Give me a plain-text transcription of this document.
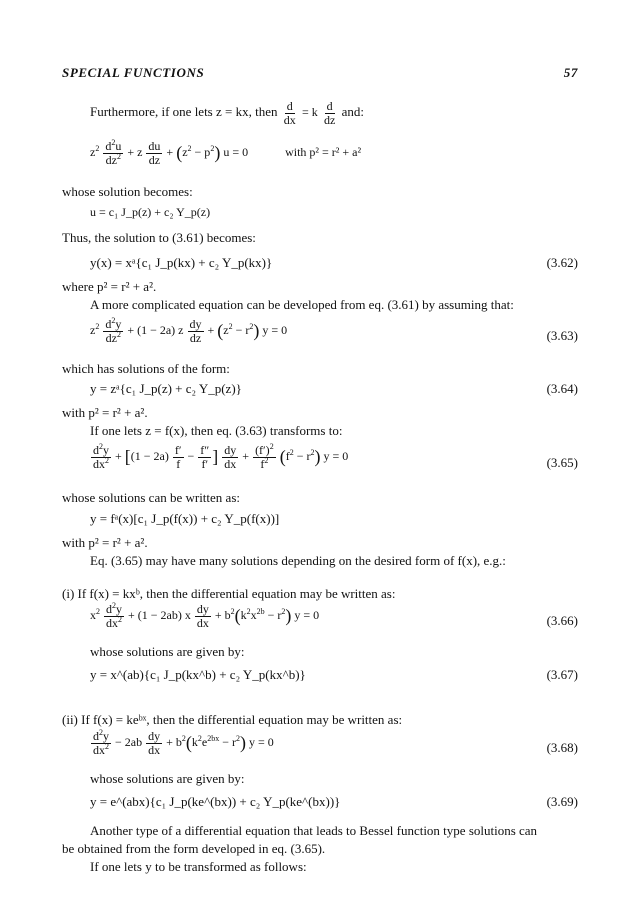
SPECIAL FUNCTIONS	57
Furthermore, if one lets z = kx, then $\frac{d}{dx} = k \frac{d}{dz}$ and:
$z^2 \frac{d^2u}{dz^2} + z \frac{du}{dz} + (z^2 - p^2) u = 0$	with p² = r² + a²
whose solution becomes:
u = c₁ J_p(z) + c₂ Y_p(z)
Thus, the solution to (3.61) becomes:
y(x) = xᵃ{c₁ J_p(kx) + c₂ Y_p(kx)}	(3.62)
where p² = r² + a².
A more complicated equation can be developed from eq. (3.61) by assuming that:
$z^2 \frac{d^2y}{dz^2} + (1 - 2a)$ z $\frac{dy}{dz} + (z^2 - r^2) y = 0$	(3.63)
which has solutions of the form:
y = zᵃ{c₁ J_p(z) + c₂ Y_p(z)}	(3.64)
with p² = r² + a².
If one lets z = f(x), then eq. (3.63) transforms to:
$\frac{d^2y}{dx^2} + [(1 - 2a) \frac{f'}{f} - \frac{f''}{f'}$ ] $\frac{dy}{dx} + \frac{(f')^2}{f^2} (f^2 - r^2) y = 0$	(3.65)
whose solutions can be written as:
y = fᵃ(x)[c₁ J_p(f(x)) + c₂ Y_p(f(x))]
with p² = r² + a².
Eq. (3.65) may have many solutions depending on the desired form of f(x), e.g.:
(i) If f(x) = kxᵇ, then the differential equation may be written as:
$x^2 \frac{d^2y}{dx^2} + (1 - 2ab)$ x $\frac{dy}{dx} + b^2(k^2x^{2b} - r^2) y = 0$	(3.66)
whose solutions are given by:
y = x^(ab){c₁ J_p(kx^b) + c₂ Y_p(kx^b)}	(3.67)
(ii) If f(x) = keᵇˣ, then the differential equation may be written as:
$\frac{d^2y}{dx^2} - 2ab \frac{dy}{dx} + b^2(k^2e^{2bx} - r^2) y = 0$	(3.68)
whose solutions are given by:
y = e^(abx){c₁ J_p(ke^(bx)) + c₂ Y_p(ke^(bx))}	(3.69)
Another type of a differential equation that leads to Bessel function type solutions can
be obtained from the form developed in eq. (3.65).
If one lets y to be transformed as follows:
